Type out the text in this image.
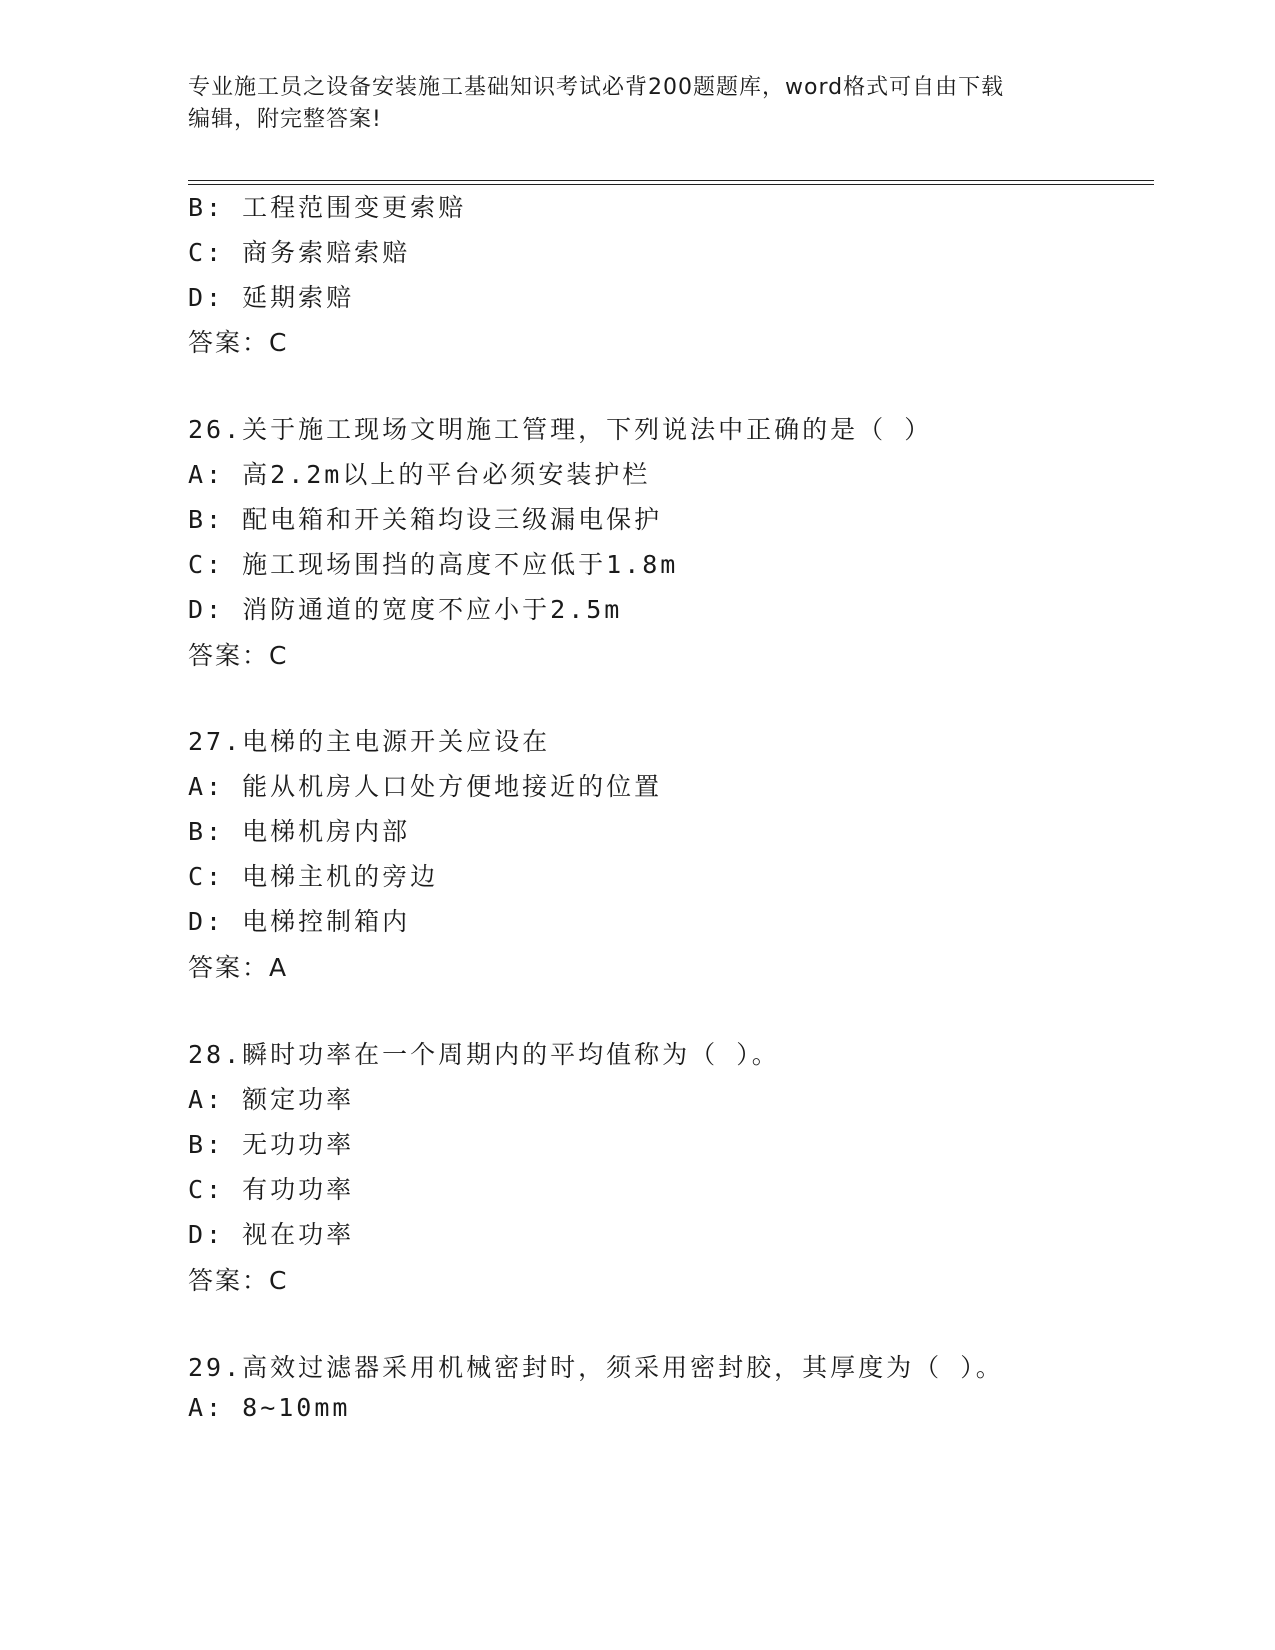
专业施工员之设备安装施工基础知识考试必背200题题库，word格式可自由下载
编辑，附完整答案!
B: 工程范围变更索赔
C: 商务索赔索赔
D: 延期索赔
答案：C
26.关于施工现场文明施工管理，下列说法中正确的是（ ）
A: 高2.2m以上的平台必须安装护栏
B: 配电箱和开关箱均设三级漏电保护
C: 施工现场围挡的高度不应低于1.8m
D: 消防通道的宽度不应小于2.5m
答案：C
27.电梯的主电源开关应设在
A: 能从机房人口处方便地接近的位置
B: 电梯机房内部
C: 电梯主机的旁边
D: 电梯控制箱内
答案：A
28.瞬时功率在一个周期内的平均值称为（ ）。
A: 额定功率
B: 无功功率
C: 有功功率
D: 视在功率
答案：C
29.高效过滤器采用机械密封时，须采用密封胶，其厚度为（ ）。
A: 8~10mm
